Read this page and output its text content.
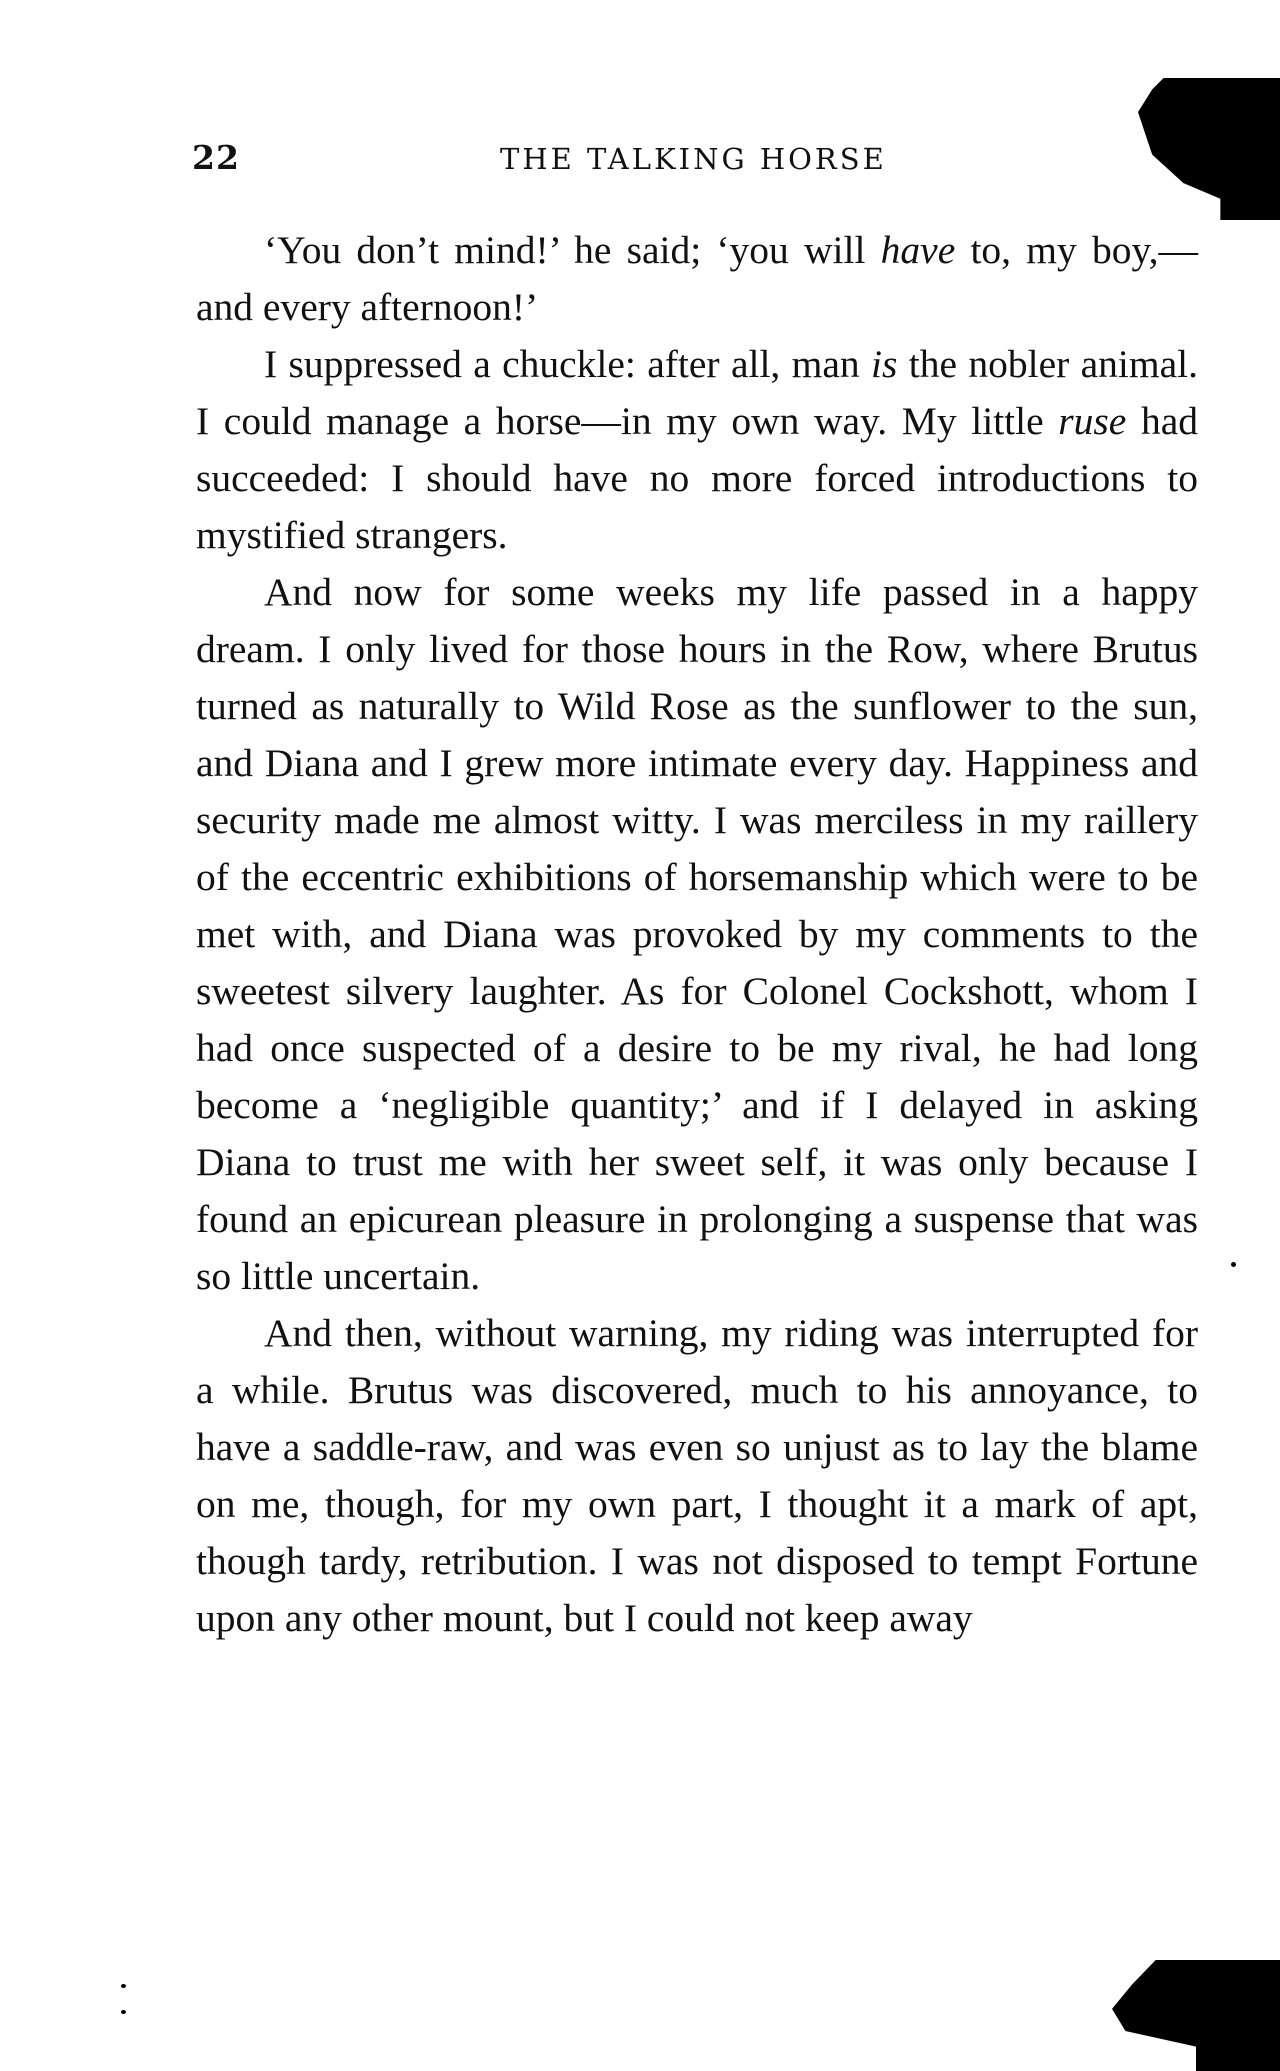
22	THE TALKING HORSE

‘You don’t mind!’ he said; ‘you will have to, my boy,—and every afternoon!’

I suppressed a chuckle: after all, man is the nobler animal. I could manage a horse—in my own way. My little ruse had succeeded: I should have no more forced introductions to mystified strangers.

And now for some weeks my life passed in a happy dream. I only lived for those hours in the Row, where Brutus turned as naturally to Wild Rose as the sunflower to the sun, and Diana and I grew more intimate every day. Happiness and security made me almost witty. I was merciless in my raillery of the eccentric exhibitions of horsemanship which were to be met with, and Diana was provoked by my comments to the sweetest silvery laughter. As for Colonel Cockshott, whom I had once suspected of a desire to be my rival, he had long become a ‘negligible quantity;’ and if I delayed in asking Diana to trust me with her sweet self, it was only because I found an epicurean pleasure in prolonging a suspense that was so little uncertain.

And then, without warning, my riding was interrupted for a while. Brutus was discovered, much to his annoyance, to have a saddle-raw, and was even so unjust as to lay the blame on me, though, for my own part, I thought it a mark of apt, though tardy, retribution. I was not disposed to tempt Fortune upon any other mount, but I could not keep away
